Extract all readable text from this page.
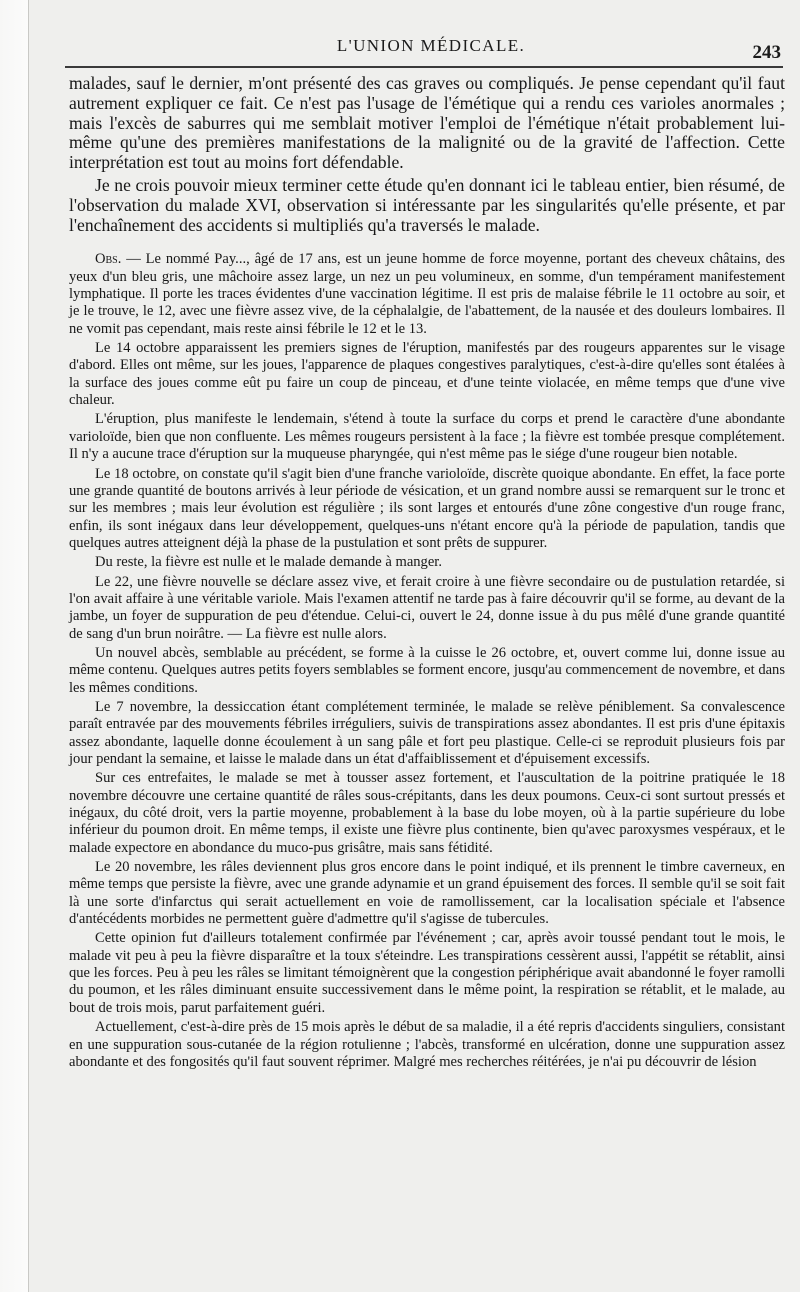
L'UNION MÉDICALE.	243

malades, sauf le dernier, m'ont présenté des cas graves ou compliqués. Je pense cependant qu'il faut autrement expliquer ce fait. Ce n'est pas l'usage de l'émétique qui a rendu ces varioles anormales ; mais l'excès de saburres qui me semblait motiver l'emploi de l'émétique n'était probablement lui-même qu'une des premières manifestations de la malignité ou de la gravité de l'affection. Cette interprétation est tout au moins fort défendable.

Je ne crois pouvoir mieux terminer cette étude qu'en donnant ici le tableau entier, bien résumé, de l'observation du malade XVI, observation si intéressante par les singularités qu'elle présente, et par l'enchaînement des accidents si multipliés qu'a traversés le malade.

Obs. — Le nommé Pay..., âgé de 17 ans, est un jeune homme de force moyenne, portant des cheveux châtains, des yeux d'un bleu gris, une mâchoire assez large, un nez un peu volumineux, en somme, d'un tempérament manifestement lymphatique. Il porte les traces évidentes d'une vaccination légitime. Il est pris de malaise fébrile le 11 octobre au soir, et je le trouve, le 12, avec une fièvre assez vive, de la céphalalgie, de l'abattement, de la nausée et des douleurs lombaires. Il ne vomit pas cependant, mais reste ainsi fébrile le 12 et le 13.

Le 14 octobre apparaissent les premiers signes de l'éruption, manifestés par des rougeurs apparentes sur le visage d'abord. Elles ont même, sur les joues, l'apparence de plaques congestives paralytiques, c'est-à-dire qu'elles sont étalées à la surface des joues comme eût pu faire un coup de pinceau, et d'une teinte violacée, en même temps que d'une vive chaleur.

L'éruption, plus manifeste le lendemain, s'étend à toute la surface du corps et prend le caractère d'une abondante varioloïde, bien que non confluente. Les mêmes rougeurs persistent à la face ; la fièvre est tombée presque complétement. Il n'y a aucune trace d'éruption sur la muqueuse pharyngée, qui n'est même pas le siége d'une rougeur bien notable.

Le 18 octobre, on constate qu'il s'agit bien d'une franche varioloïde, discrète quoique abondante. En effet, la face porte une grande quantité de boutons arrivés à leur période de vésication, et un grand nombre aussi se remarquent sur le tronc et sur les membres ; mais leur évolution est régulière ; ils sont larges et entourés d'une zône congestive d'un rouge franc, enfin, ils sont inégaux dans leur développement, quelques-uns n'étant encore qu'à la période de papulation, tandis que quelques autres atteignent déjà la phase de la pustulation et sont prêts de suppurer.

Du reste, la fièvre est nulle et le malade demande à manger.

Le 22, une fièvre nouvelle se déclare assez vive, et ferait croire à une fièvre secondaire ou de pustulation retardée, si l'on avait affaire à une véritable variole. Mais l'examen attentif ne tarde pas à faire découvrir qu'il se forme, au devant de la jambe, un foyer de suppuration de peu d'étendue. Celui-ci, ouvert le 24, donne issue à du pus mêlé d'une grande quantité de sang d'un brun noirâtre. — La fièvre est nulle alors.

Un nouvel abcès, semblable au précédent, se forme à la cuisse le 26 octobre, et, ouvert comme lui, donne issue au même contenu. Quelques autres petits foyers semblables se forment encore, jusqu'au commencement de novembre, et dans les mêmes conditions.

Le 7 novembre, la dessiccation étant complétement terminée, le malade se relève péniblement. Sa convalescence paraît entravée par des mouvements fébriles irréguliers, suivis de transpirations assez abondantes. Il est pris d'une épitaxis assez abondante, laquelle donne écoulement à un sang pâle et fort peu plastique. Celle-ci se reproduit plusieurs fois par jour pendant la semaine, et laisse le malade dans un état d'affaiblissement et d'épuisement excessifs.

Sur ces entrefaites, le malade se met à tousser assez fortement, et l'auscultation de la poitrine pratiquée le 18 novembre découvre une certaine quantité de râles sous-crépitants, dans les deux poumons. Ceux-ci sont surtout pressés et inégaux, du côté droit, vers la partie moyenne, probablement à la base du lobe moyen, où à la partie supérieure du lobe inférieur du poumon droit. En même temps, il existe une fièvre plus continente, bien qu'avec paroxysmes vespéraux, et le malade expectore en abondance du muco-pus grisâtre, mais sans fétidité.

Le 20 novembre, les râles deviennent plus gros encore dans le point indiqué, et ils prennent le timbre caverneux, en même temps que persiste la fièvre, avec une grande adynamie et un grand épuisement des forces. Il semble qu'il se soit fait là une sorte d'infarctus qui serait actuellement en voie de ramollissement, car la localisation spéciale et l'absence d'antécédents morbides ne permettent guère d'admettre qu'il s'agisse de tubercules.

Cette opinion fut d'ailleurs totalement confirmée par l'événement ; car, après avoir toussé pendant tout le mois, le malade vit peu à peu la fièvre disparaître et la toux s'éteindre. Les transpirations cessèrent aussi, l'appétit se rétablit, ainsi que les forces. Peu à peu les râles se limitant témoignèrent que la congestion périphérique avait abandonné le foyer ramolli du poumon, et les râles diminuant ensuite successivement dans le même point, la respiration se rétablit, et le malade, au bout de trois mois, parut parfaitement guéri.

Actuellement, c'est-à-dire près de 15 mois après le début de sa maladie, il a été repris d'accidents singuliers, consistant en une suppuration sous-cutanée de la région rotulienne ; l'abcès, transformé en ulcération, donne une suppuration assez abondante et des fongosités qu'il faut souvent réprimer. Malgré mes recherches réitérées, je n'ai pu découvrir de lésion
